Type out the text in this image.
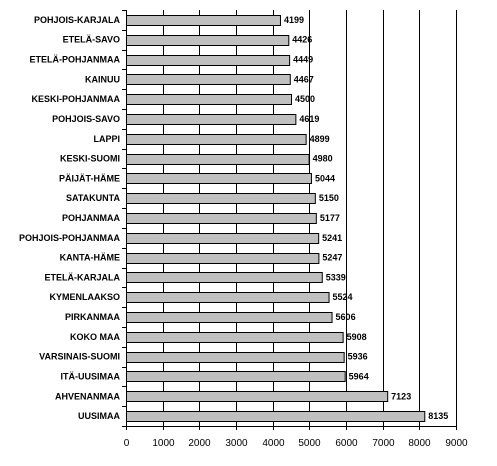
0 1000 2000 3000 4000 5000 6000 7000 8000 9000
POHJOIS-KARJALA
ETELÄ-SAVO
ETELÄ-POHJANMAA
KAINUU
KESKI-POHJANMAA
POHJOIS-SAVO
LAPPI
KESKI-SUOMI
PÄIJÄT-HÄME
SATAKUNTA
POHJANMAA
POHJOIS-POHJANMAA
KANTA-HÄME
ETELÄ-KARJALA
KYMENLAAKSO
PIRKANMAA
KOKO MAA
VARSINAIS-SUOMI
ITÄ-UUSIMAA
AHVENANMAA
UUSIMAA
4199
4426
4449
4467
4500
4619
4899
4980
5044
5150
5177
5241
5247
5339
5524
5606
5908
5936
5964
7123
8135
